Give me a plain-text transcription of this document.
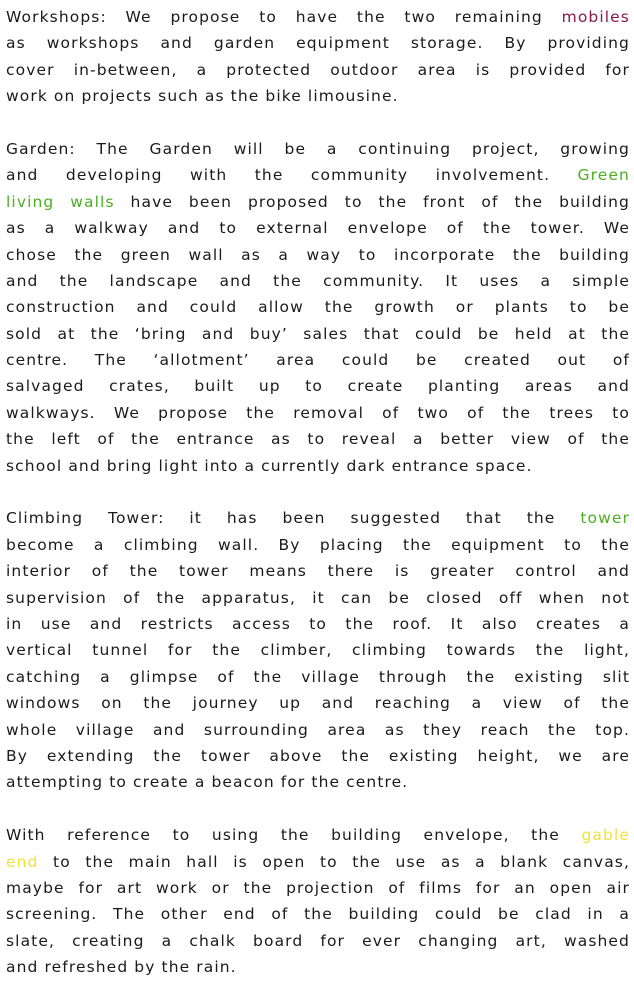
Workshops: We propose to have the two remaining mobiles
as workshops and garden equipment storage. By providing
cover in-between, a protected outdoor area is provided for
work on projects such as the bike limousine.

Garden: The Garden will be a continuing project, growing
and developing with the community involvement. Green
living walls have been proposed to the front of the building
as a walkway and to external envelope of the tower. We
chose the green wall as a way to incorporate the building
and the landscape and the community. It uses a simple
construction and could allow the growth or plants to be
sold at the ‘bring and buy’ sales that could be held at the
centre. The ‘allotment’ area could be created out of
salvaged crates, built up to create planting areas and
walkways. We propose the removal of two of the trees to
the left of the entrance as to reveal a better view of the
school and bring light into a currently dark entrance space.

Climbing Tower: it has been suggested that the tower
become a climbing wall. By placing the equipment to the
interior of the tower means there is greater control and
supervision of the apparatus, it can be closed off when not
in use and restricts access to the roof. It also creates a
vertical tunnel for the climber, climbing towards the light,
catching a glimpse of the village through the existing slit
windows on the journey up and reaching a view of the
whole village and surrounding area as they reach the top.
By extending the tower above the existing height, we are
attempting to create a beacon for the centre.

With reference to using the building envelope, the gable
end to the main hall is open to the use as a blank canvas,
maybe for art work or the projection of films for an open air
screening. The other end of the building could be clad in a
slate, creating a chalk board for ever changing art, washed
and refreshed by the rain.
